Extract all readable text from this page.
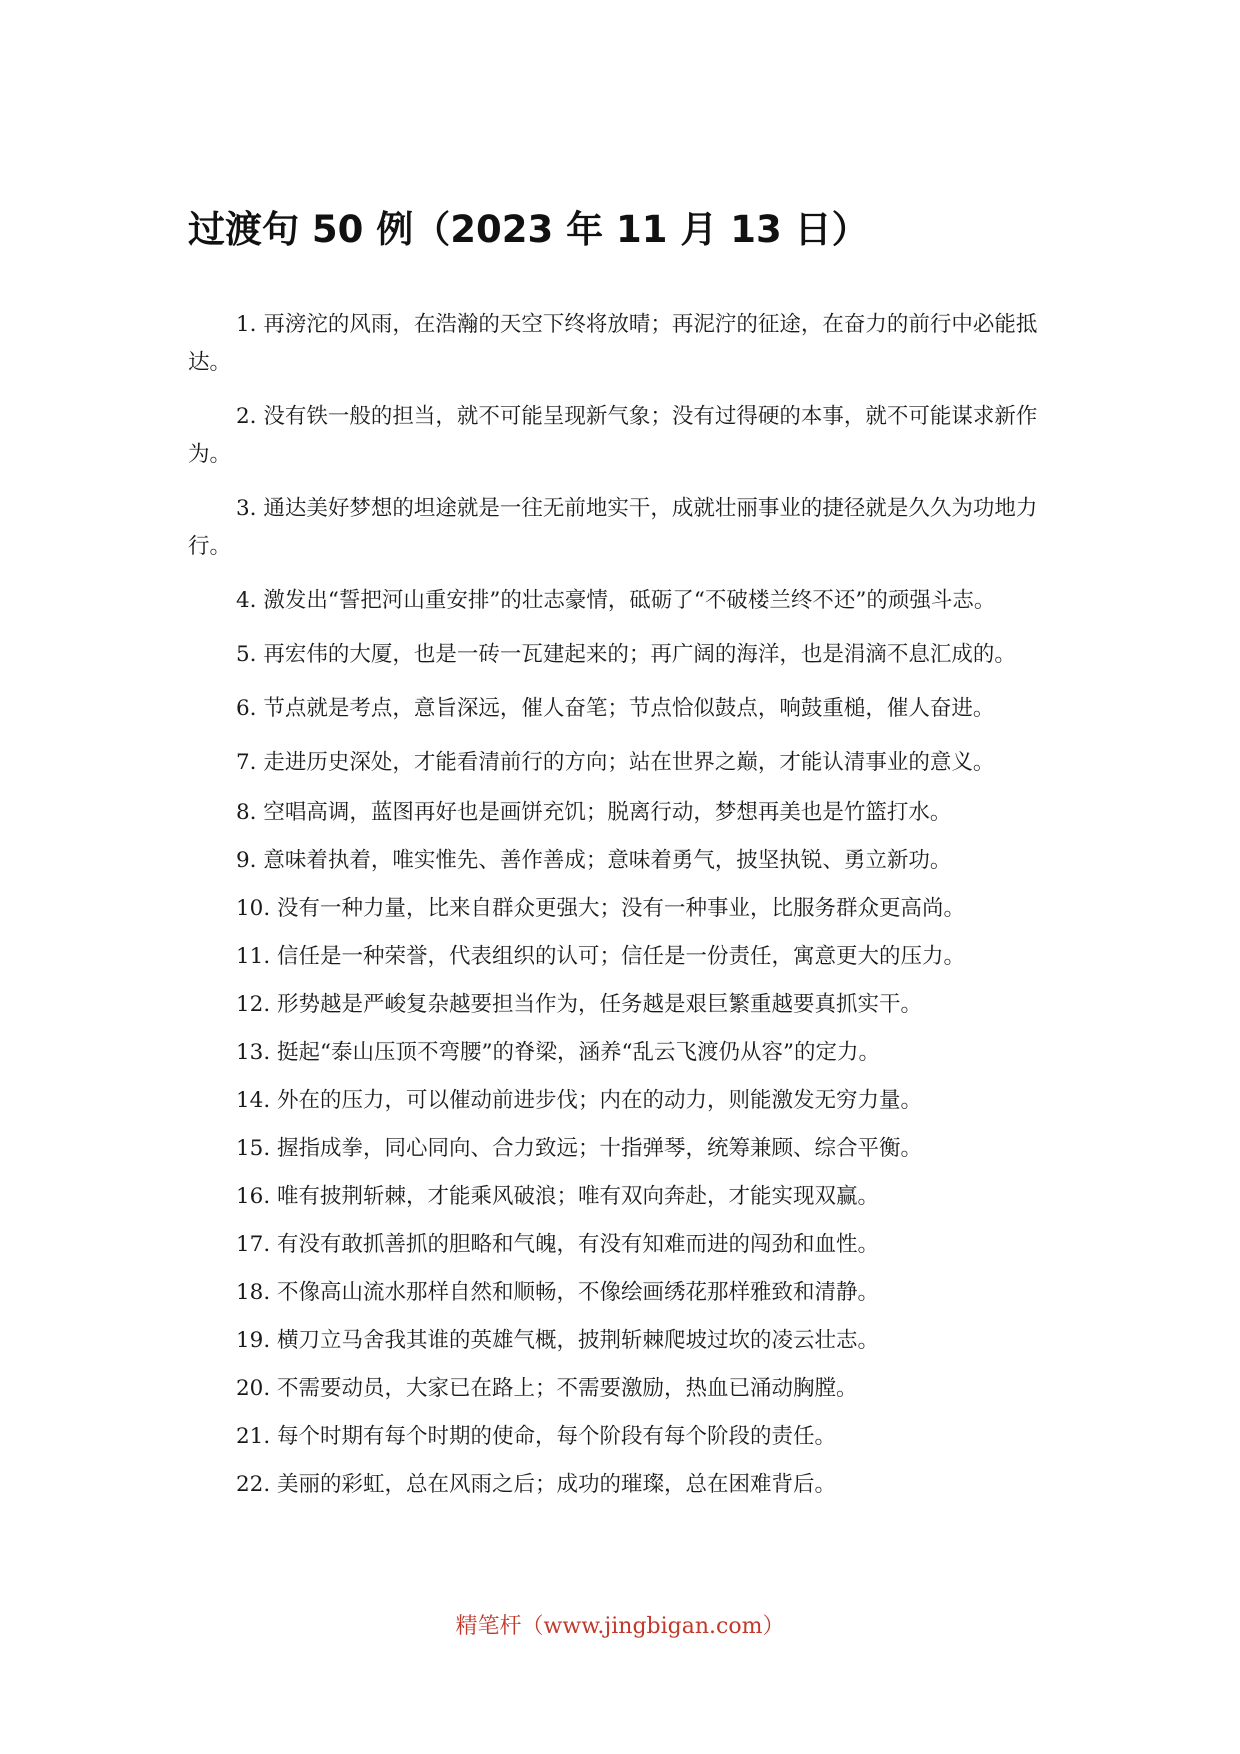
过渡句 50 例（2023 年 11 月 13 日）
1. 再滂沱的风雨，在浩瀚的天空下终将放晴；再泥泞的征途，在奋力的前行中必能抵达。
2. 没有铁一般的担当，就不可能呈现新气象；没有过得硬的本事，就不可能谋求新作为。
3. 通达美好梦想的坦途就是一往无前地实干，成就壮丽事业的捷径就是久久为功地力行。
4. 激发出“誓把河山重安排”的壮志豪情，砥砺了“不破楼兰终不还”的顽强斗志。
5. 再宏伟的大厦，也是一砖一瓦建起来的；再广阔的海洋，也是涓滴不息汇成的。
6. 节点就是考点，意旨深远，催人奋笔；节点恰似鼓点，响鼓重槌，催人奋进。
7. 走进历史深处，才能看清前行的方向；站在世界之巅，才能认清事业的意义。
8. 空唱高调，蓝图再好也是画饼充饥；脱离行动，梦想再美也是竹篮打水。
9. 意味着执着，唯实惟先、善作善成；意味着勇气，披坚执锐、勇立新功。
10. 没有一种力量，比来自群众更强大；没有一种事业，比服务群众更高尚。
11. 信任是一种荣誉，代表组织的认可；信任是一份责任，寓意更大的压力。
12. 形势越是严峻复杂越要担当作为，任务越是艰巨繁重越要真抓实干。
13. 挺起“泰山压顶不弯腰”的脊梁，涵养“乱云飞渡仍从容”的定力。
14. 外在的压力，可以催动前进步伐；内在的动力，则能激发无穷力量。
15. 握指成拳，同心同向、合力致远；十指弹琴，统筹兼顾、综合平衡。
16. 唯有披荆斩棘，才能乘风破浪；唯有双向奔赴，才能实现双赢。
17. 有没有敢抓善抓的胆略和气魄，有没有知难而进的闯劲和血性。
18. 不像高山流水那样自然和顺畅，不像绘画绣花那样雅致和清静。
19. 横刀立马舍我其谁的英雄气概，披荆斩棘爬坡过坎的凌云壮志。
20. 不需要动员，大家已在路上；不需要激励，热血已涌动胸膛。
21. 每个时期有每个时期的使命，每个阶段有每个阶段的责任。
22. 美丽的彩虹，总在风雨之后；成功的璀璨，总在困难背后。
精笔杆（www.jingbigan.com）
